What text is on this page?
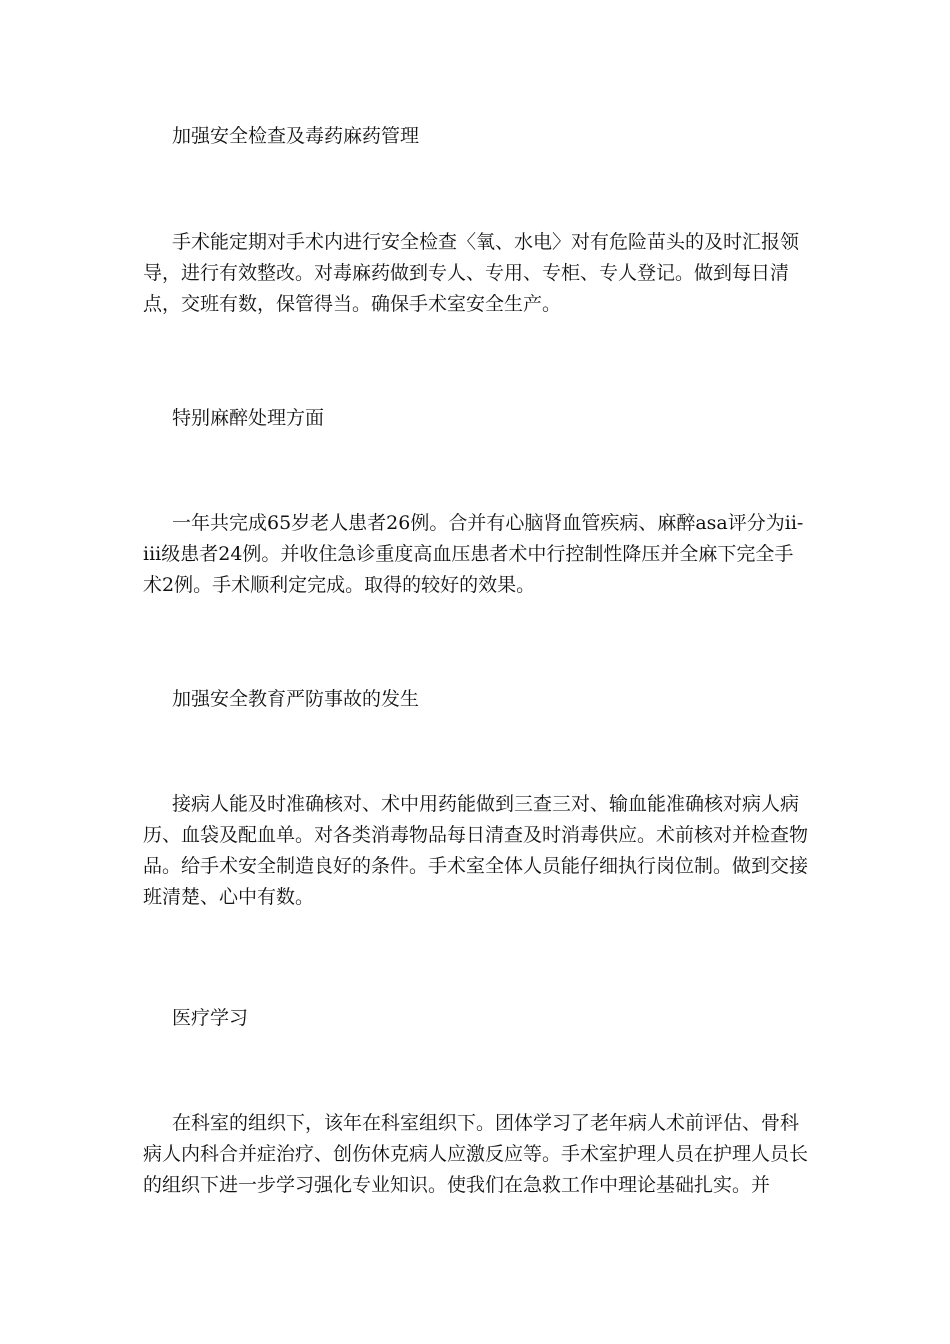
加强安全检查及毒药麻药管理

手术能定期对手术内进行安全检查〈氧、水电〉对有危险苗头的及时汇报领导，进行有效整改。对毒麻药做到专人、专用、专柜、专人登记。做到每日清点，交班有数，保管得当。确保手术室安全生产。

特别麻醉处理方面

一年共完成65岁老人患者26例。合并有心脑肾血管疾病、麻醉asa评分为ii-iii级患者24例。并收住急诊重度高血压患者术中行控制性降压并全麻下完全手术2例。手术顺利定完成。取得的较好的效果。

加强安全教育严防事故的发生

接病人能及时准确核对、术中用药能做到三查三对、输血能准确核对病人病历、血袋及配血单。对各类消毒物品每日清查及时消毒供应。术前核对并检查物品。给手术安全制造良好的条件。手术室全体人员能仔细执行岗位制。做到交接班清楚、心中有数。

医疗学习

在科室的组织下，该年在科室组织下。团体学习了老年病人术前评估、骨科病人内科合并症治疗、创伤休克病人应激反应等。手术室护理人员在护理人员长的组织下进一步学习强化专业知识。使我们在急救工作中理论基础扎实。并
